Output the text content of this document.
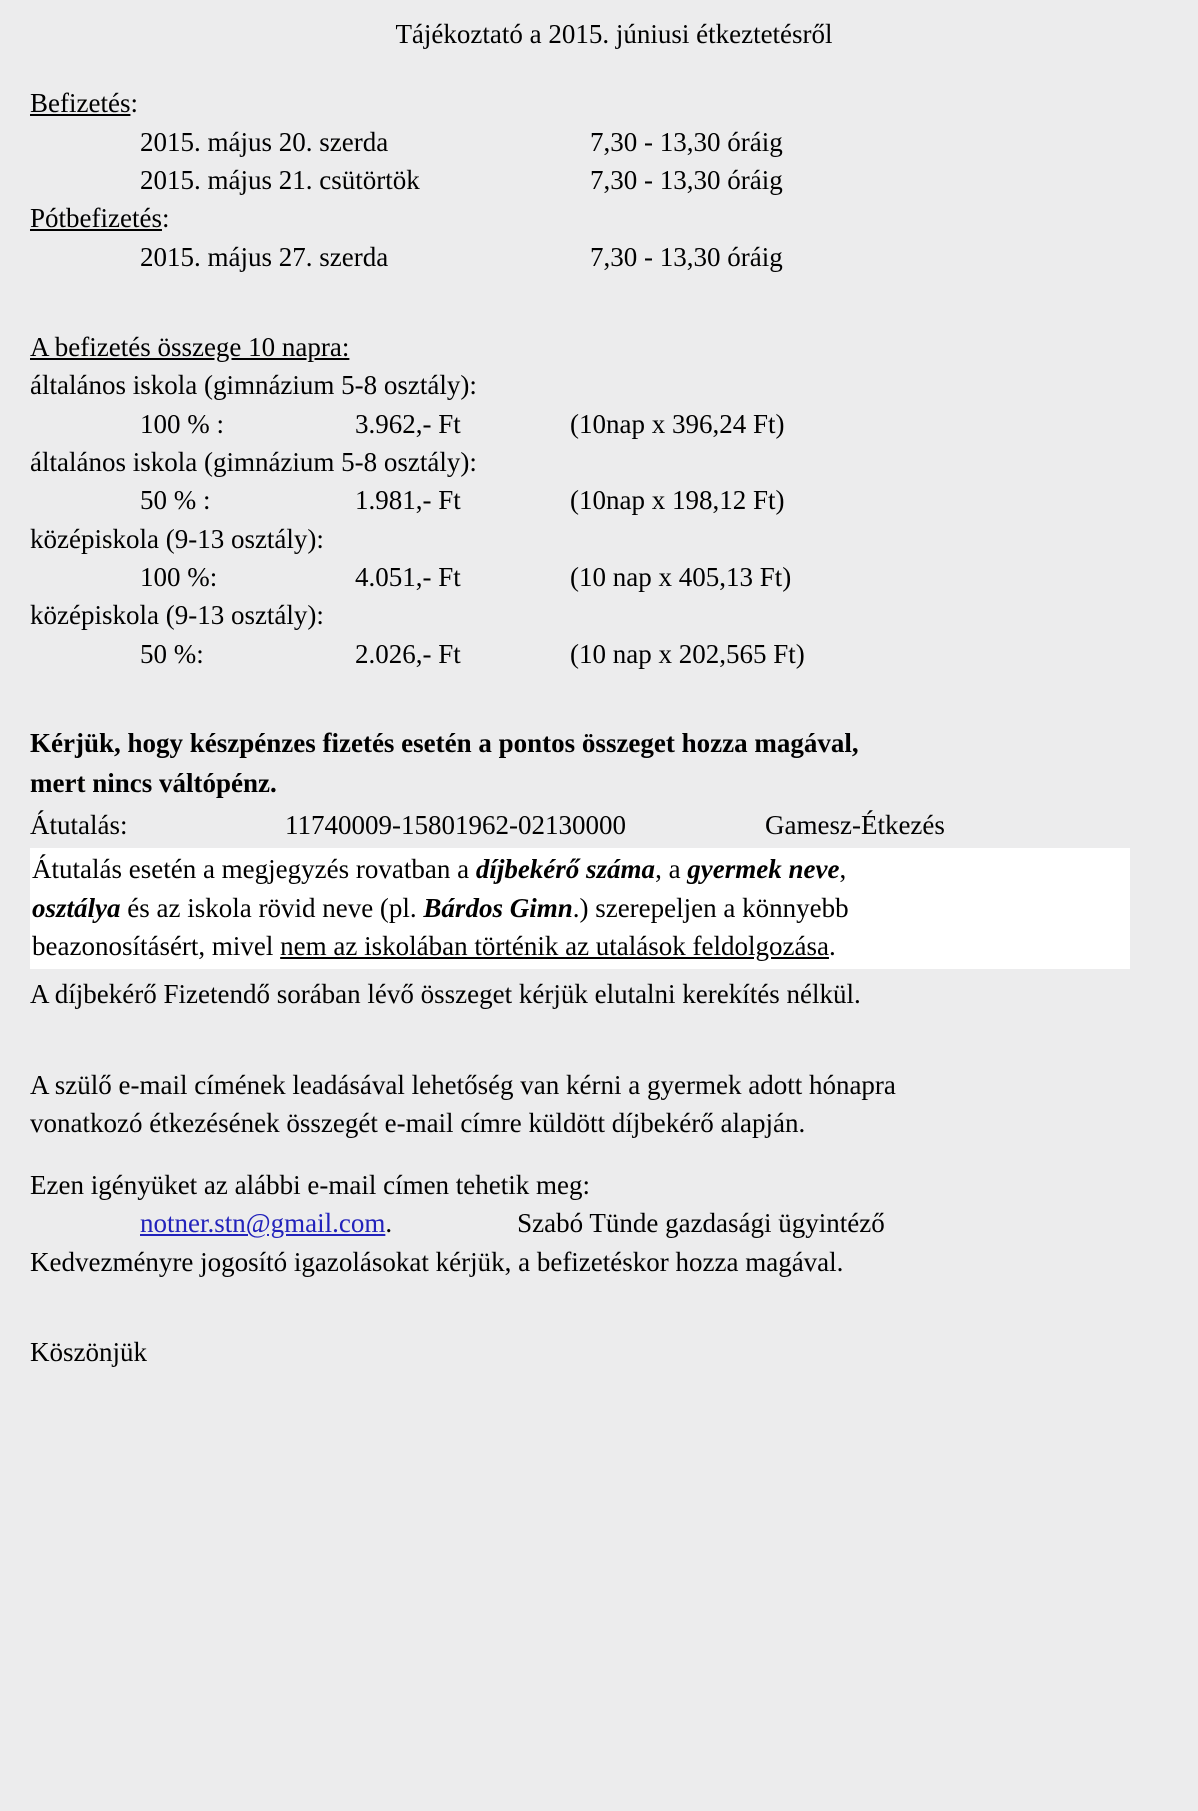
Tájékoztató a 2015. júniusi étkeztetésről
Befizetés:
2015. május 20. szerda	7,30 - 13,30 óráig
2015. május 21. csütörtök	7,30 - 13,30 óráig
Pótbefizetés:
2015. május 27. szerda	7,30 - 13,30 óráig
A befizetés összege 10 napra:
általános iskola (gimnázium 5-8 osztály):
100 % :	3.962,- Ft	(10nap x 396,24 Ft)
általános iskola (gimnázium 5-8 osztály):
50 % :	1.981,- Ft	(10nap x 198,12 Ft)
középiskola (9-13 osztály):
100 %:	4.051,- Ft	(10 nap x 405,13 Ft)
középiskola (9-13 osztály):
50 %:	2.026,- Ft	(10 nap x 202,565 Ft)
Kérjük, hogy készpénzes fizetés esetén a pontos összeget hozza magával,
mert nincs váltópénz.
Átutalás:	11740009-15801962-02130000	Gamesz-Étkezés
Átutalás esetén a megjegyzés rovatban a díjbekérő száma, a gyermek neve,
osztálya és az iskola rövid neve (pl. Bárdos Gimn.) szerepeljen a könnyebb
beazonosításért, mivel nem az iskolában történik az utalások feldolgozása.
A díjbekérő Fizetendő sorában lévő összeget kérjük elutalni kerekítés nélkül.
A szülő e-mail címének leadásával lehetőség van kérni a gyermek adott hónapra
vonatkozó étkezésének összegét e-mail címre küldött díjbekérő alapján.
Ezen igényüket az alábbi e-mail címen tehetik meg:
notner.stn@gmail.com.	Szabó Tünde gazdasági ügyintéző
Kedvezményre jogosító igazolásokat kérjük, a befizetéskor hozza magával.
Köszönjük
